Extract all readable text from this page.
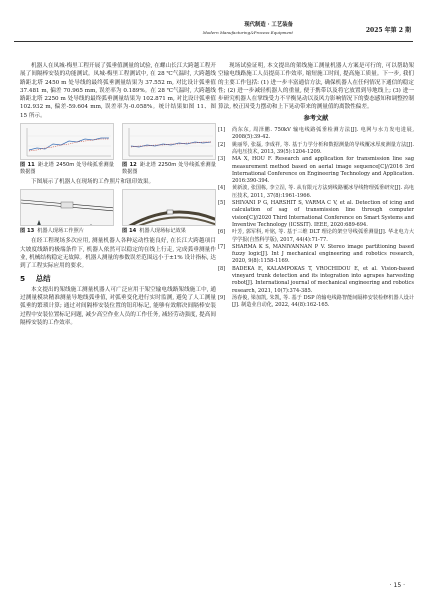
现代制造 · 工艺装备
Modern Manufacturing&Process Equipment	2025 年第 2 期

机器人在凤城-梅里工程开展了弧垂值测量的试验, 在螺山长江大跨越工程开展了间隔棒安装的功能测试。凤城-梅里工程测试中, 在 28 ℃气温时, 大跨越线路距北塔 2450 m 处导线的最终弧垂测量结果为 37.552 m, 对比设计弧垂值 37.481 m, 偏差 70.965 mm, 误差率为 0.189%。在 28 ℃气温时, 大跨越线路距北塔 2250 m 处导线的最终弧垂测量结果为 102.871 m, 对比设计弧垂值 102.932 m, 偏差-59.604 mm, 误差率为-0.058%。统计结果如图 11、图 15 所示。

图 11 距北塔 2450m 处导线弧垂测量数据图
图 12 距北塔 2250m 处导线弧垂测量数据图

下图展示了机器人在现场的工作照片和钮印效果。

图 13 机器人现场工作照片	图 14 机器人现场标记效果

在经工程现场多次应用, 测量机器人各种运动性能良好, 在长江大跨越项目大坡度线路的极端条件下, 机器人依然可以稳定的在线上行走, 完成弧垂测量作业, 机械结构稳定无故障。机器人测量的参数误差范围远小于±1% 设计指标, 达到了工程实际应用的要求。

5 总结

本文提出的架线施工测量机器人可广泛应用于架空输电线路架线施工中, 通过测量模块精准测量导地线弧垂值, 对弧垂变化进行实时监测, 避免了人工测量弧垂的繁琐计算; 通过对间隔棒安装位置的钮印标记, 能够有效解决间隔棒安装过程中安装位置标记问题, 减少高空作业人员的工作任务, 减轻劳动强度, 提高间隔棒安装的工作效率。

现场试验证明, 本文提出的架线施工测量机器人方案是可行的, 可以帮助架空输电线路施工人员提高工作效率, 缩短施工时间, 提高施工质量。下一步, 我们的主要工作包括: (1) 进一步丰富通信方法, 确保机器人在任何情况下通信的稳定性; (2) 进一步减轻机器人的重量, 便于携带以及将它放置到导地线上; (3) 进一步研究机器人在掌线受力不平衡晃动以及风力影响情况下的姿态感知和调整控制算法, 校正因受力摆动和上下晃动带来的测量值的离散性偏差。

参考文献
[1]	尚东东, 周泽鹏. 750kV 输电线路弧垂检测方法[J]. 电网与水力发电进展, 2008(5):39-42.
[2]	姚丽琴, 张磊, 李成祥, 等. 基于力学分析和数据测量的导线覆冰厚度测量方法[J]. 高电压技术, 2013, 39(5):1204-1209.
[3]	MA X, HOU F. Research and application for transmission line sag measurement method based on aerial image sequence[C]//2016 3rd International Conference on Engineering Technology and Application. 2016:390-394.
[4]	黄新波, 张国栋, 李立浧, 等. 从有限元方法到线路覆冰导线物理弧垂研究[J]. 高电压技术, 2011, 37(8):1961-1966.
[5]	SHIVANI P G, HARSHIT S, VARMA C V, et al. Detection of icing and calculation of sag of transmission line through computer vision[C]//2020 Third International Conference on Smart Systems and Inventive Technology (ICSSIT). IEEE, 2020:689-694.
[6]	叶芳, 郭军科, 叶铭, 等. 基于三维 DLT 理论的架空导线弧垂测量[J]. 华北电力大学学报(自然科学版), 2017, 44(4):71-77.
[7]	SHARMA K S, MANIVANNAN P V. Stereo image partitioning based fuzzy logic[J]. Int J mechanical engineering and robotics research, 2020, 9(8):1158-1169.
[8]	BADEKA E, KALAMPOKAS T, VROCHIDOU E, et al. Vision-based vineyard trunk detection and its integration into agrapes harvesting robot[J]. International journal of mechanical engineering and robotics research, 2021, 10(7):374-385.
[9]	汤春俊, 梁加凯, 朱凯, 等. 基于 DSP 的输电线路智能间隔棒安装检修机器人设计[J]. 制造业自动化, 2022, 44(8):162-165.
· 15 ·
